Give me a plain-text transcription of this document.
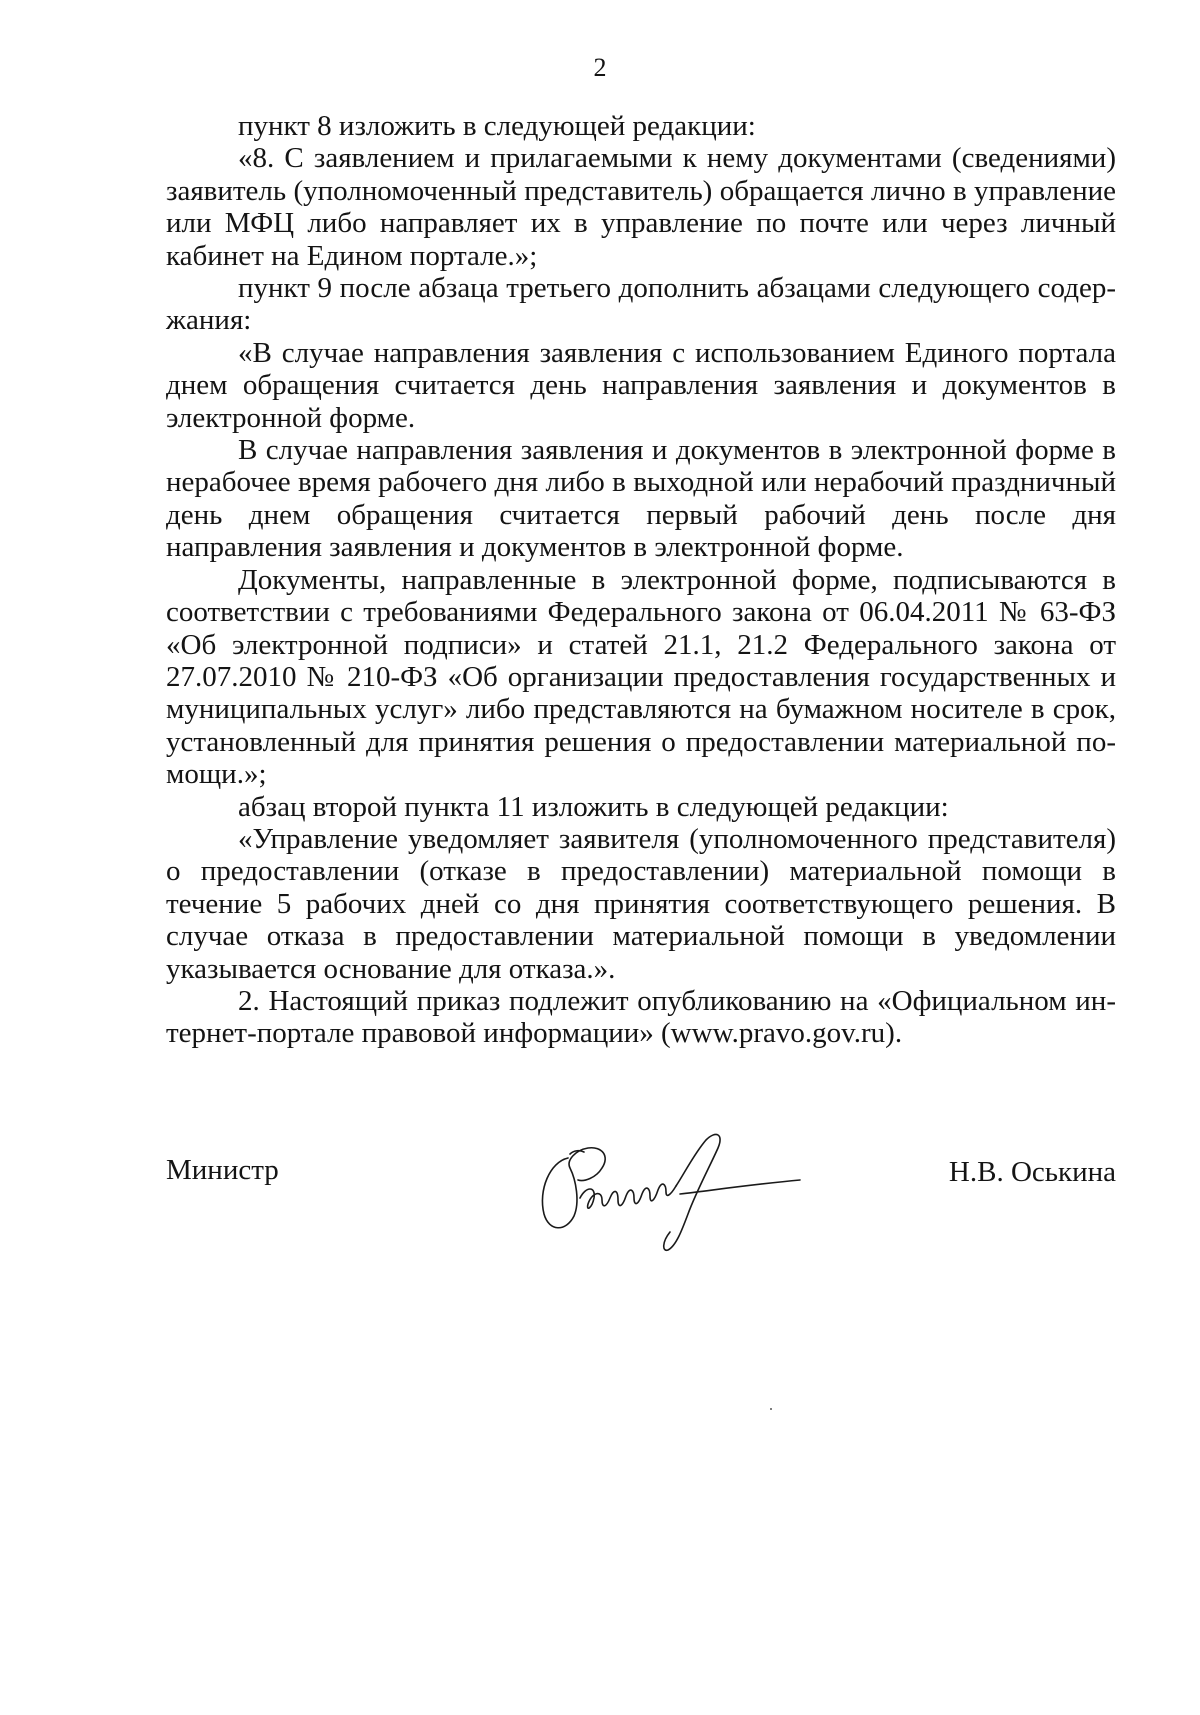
2

пункт 8 изложить в следующей редакции:

«8. С заявлением и прилагаемыми к нему документами (сведениями) заявитель (уполномоченный представитель) обращается лично в управление или МФЦ либо направляет их в управление по почте или через личный кабинет на Едином портале.»;

пункт 9 после абзаца третьего дополнить абзацами следующего содержания:

«В случае направления заявления с использованием Единого портала днем обращения считается день направления заявления и документов в электронной форме.

В случае направления заявления и документов в электронной форме в нерабочее время рабочего дня либо в выходной или нерабочий праздничный день днем обращения считается первый рабочий день после дня направления заявления и документов в электронной форме.

Документы, направленные в электронной форме, подписываются в соответствии с требованиями Федерального закона от 06.04.2011 № 63-ФЗ «Об электронной подписи» и статей 21.1, 21.2 Федерального закона от 27.07.2010 № 210-ФЗ «Об организации предоставления государственных и муниципальных услуг» либо представляются на бумажном носителе в срок, установленный для принятия решения о предоставлении материальной помощи.»;

абзац второй пункта 11 изложить в следующей редакции:

«Управление уведомляет заявителя (уполномоченного представителя) о предоставлении (отказе в предоставлении) материальной помощи в течение 5 рабочих дней со дня принятия соответствующего решения. В случае отказа в предоставлении материальной помощи в уведомлении указывается основание для отказа.».

2. Настоящий приказ подлежит опубликованию на «Официальном интернет-портале правовой информации» (www.pravo.gov.ru).

Министр	Н.В. Оськина
